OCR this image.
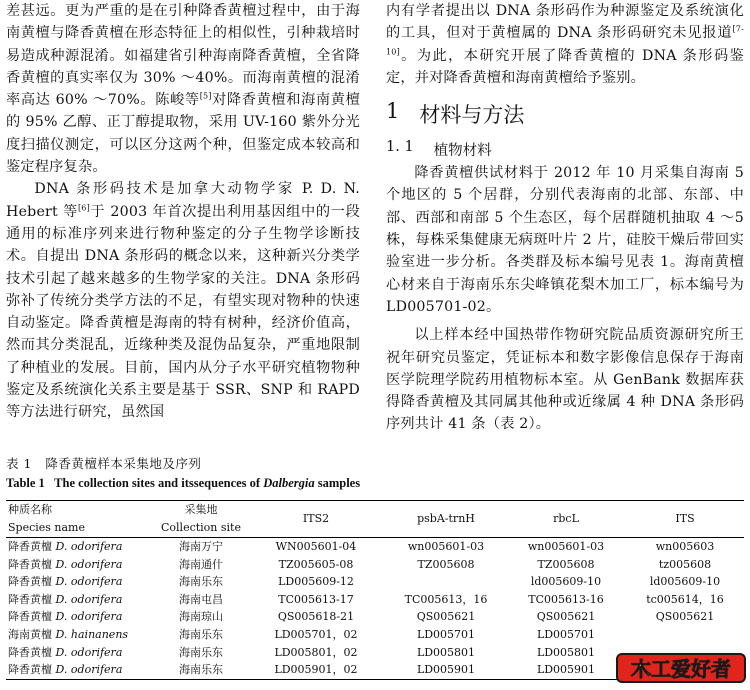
差甚远。更为严重的是在引种降香黄檀过程中，由于海南黄檀与降香黄檀在形态特征上的相似性，引种栽培时易造成种源混淆。如福建省引种海南降香黄檀，全省降香黄檀的真实率仅为 30% ～40%。而海南黄檀的混淆率高达 60% ～70%。陈峻等[5]对降香黄檀和海南黄檀的 95% 乙醇、正丁醇提取物，采用 UV-160 紫外分光度扫描仪测定，可以区分这两个种，但鉴定成本较高和鉴定程序复杂。

DNA 条形码技术是加拿大动物学家 P. D. N. Hebert 等[6]于 2003 年首次提出利用基因组中的一段通用的标准序列来进行物种鉴定的分子生物学诊断技术。自提出 DNA 条形码的概念以来，这种新兴分类学技术引起了越来越多的生物学家的关注。DNA 条形码弥补了传统分类学方法的不足，有望实现对物种的快速自动鉴定。降香黄檀是海南的特有树种，经济价值高，然而其分类混乱，近缘种类及混伪品复杂，严重地限制了种植业的发展。目前，国内从分子水平研究植物物种鉴定及系统演化关系主要是基于 SSR、SNP 和 RAPD 等方法进行研究，虽然国

内有学者提出以 DNA 条形码作为种源鉴定及系统演化的工具，但对于黄檀属的 DNA 条形码研究未见报道[7-10]。为此，本研究开展了降香黄檀的 DNA 条形码鉴定，并对降香黄檀和海南黄檀给予鉴别。

1 材料与方法
1. 1 植物材料

降香黄檀供试材料于 2012 年 10 月采集自海南 5 个地区的 5 个居群，分别代表海南的北部、东部、中部、西部和南部 5 个生态区，每个居群随机抽取 4 ～5 株，每株采集健康无病斑叶片 2 片，硅胶干燥后带回实验室进一步分析。各类群及标本编号见表 1。海南黄檀心材来自于海南乐东尖峰镇花梨木加工厂，标本编号为 LD005701-02。

以上样本经中国热带作物研究院品质资源研究所王祝年研究员鉴定，凭证标本和数字影像信息保存于海南医学院理学院药用植物标本室。从 GenBank 数据库获得降香黄檀及其同属其他种或近缘属 4 种 DNA 条形码序列共计 41 条（表 2）。

表 1 降香黄檀样本采集地及序列
Table 1 The collection sites and itssequences of Dalbergia samples
种质名称	采集地	ITS2	psbA-trnH	rbcL	ITS
Species name	Collection site				
降香黄檀 D. odorifera	海南万宁	WN005601-04	wn005601-03	wn005601-03	wn005603
降香黄檀 D. odorifera	海南通什	TZ005605-08	TZ005608	TZ005608	tz005608
降香黄檀 D. odorifera	海南乐东	LD005609-12		ld005609-10	ld005609-10
降香黄檀 D. odorifera	海南屯昌	TC005613-17	TC005613，16	TC005613-16	tc005614，16
降香黄檀 D. odorifera	海南琼山	QS005618-21	QS005621	QS005621	QS005621
海南黄檀 D. hainanens	海南乐东	LD005701，02	LD005701	LD005701	
降香黄檀 D. odorifera	海南乐东	LD005801，02	LD005801	LD005801	
降香黄檀 D. odorifera	海南乐东	LD005901，02	LD005901	LD005901	木工爱好者
